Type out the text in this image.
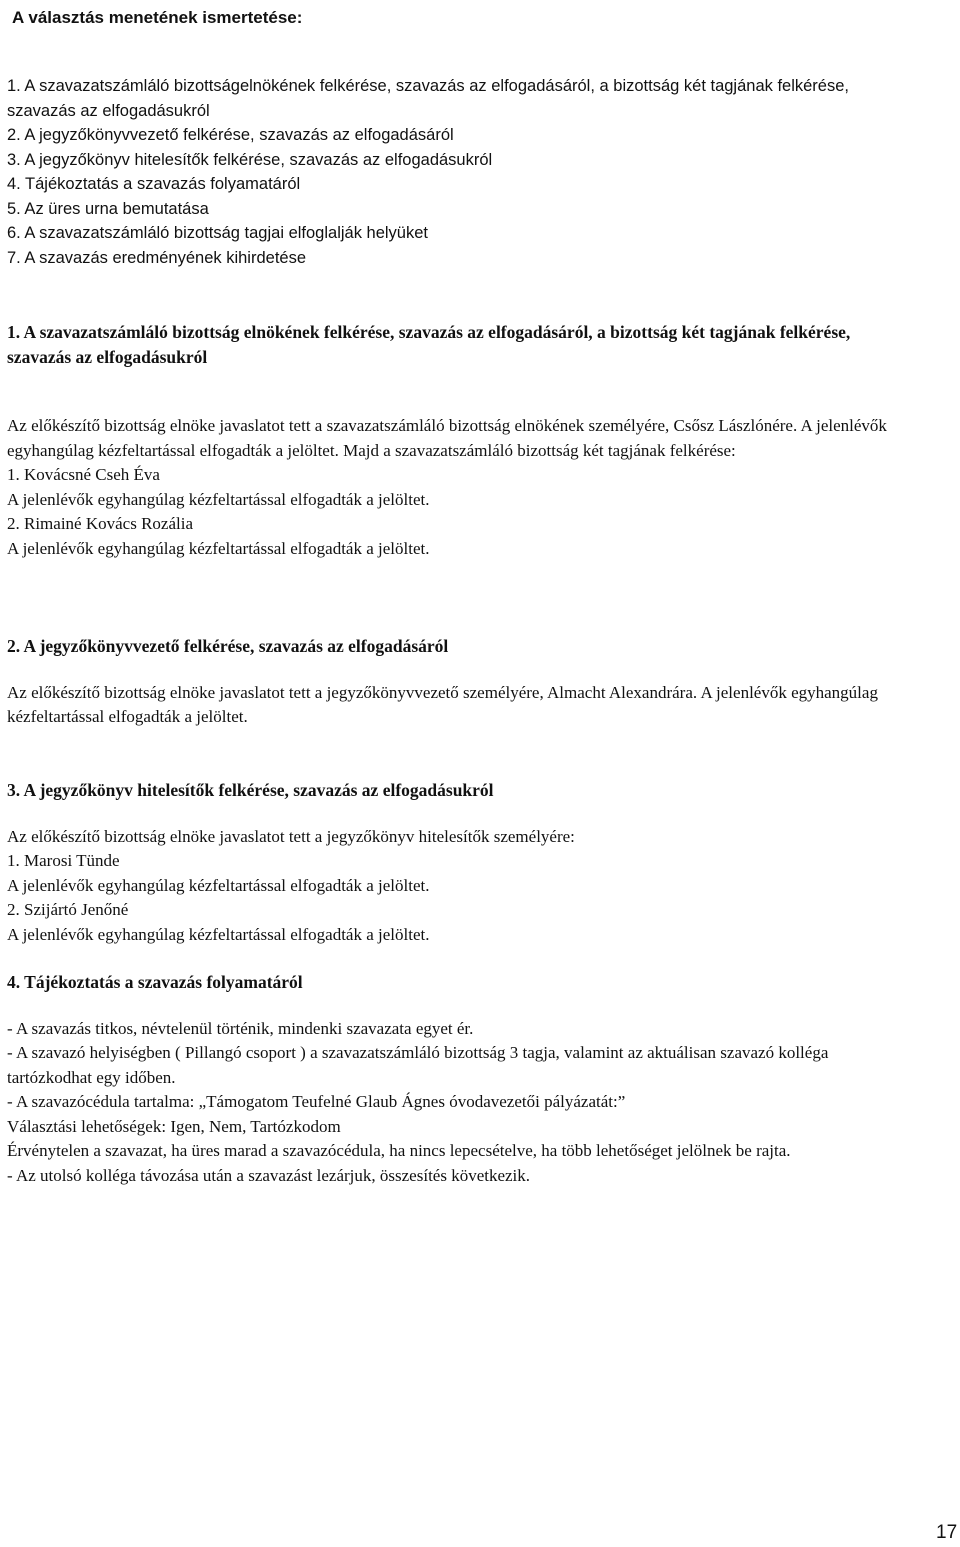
A választás menetének ismertetése:
1. A szavazatszámláló bizottságelnökének felkérése, szavazás az elfogadásáról, a bizottság két tagjának felkérése, szavazás az elfogadásukról
2. A jegyzőkönyvvezető felkérése, szavazás az elfogadásáról
3. A jegyzőkönyv hitelesítők felkérése, szavazás az elfogadásukról
4. Tájékoztatás a szavazás folyamatáról
5. Az üres urna bemutatása
6. A szavazatszámláló bizottság tagjai elfoglalják helyüket
7. A szavazás eredményének kihirdetése

1. A szavazatszámláló bizottság elnökének felkérése, szavazás az elfogadásáról, a bizottság két tagjának felkérése, szavazás az elfogadásukról

Az előkészítő bizottság elnöke javaslatot tett a szavazatszámláló bizottság elnökének személyére, Csősz Lászlónére. A jelenlévők egyhangúlag kézfeltartással elfogadták a jelöltet. Majd a szavazatszámláló bizottság két tagjának felkérése:

1. Kovácsné Cseh Éva

A jelenlévők egyhangúlag kézfeltartással elfogadták a jelöltet.

2. Rimainé Kovács Rozália

A jelenlévők egyhangúlag kézfeltartással elfogadták a jelöltet.

2. A jegyzőkönyvvezető felkérése, szavazás az elfogadásáról

Az előkészítő bizottság elnöke javaslatot tett a jegyzőkönyvvezető személyére, Almacht Alexandrára. A jelenlévők egyhangúlag kézfeltartással elfogadták a jelöltet.

3. A jegyzőkönyv hitelesítők felkérése, szavazás az elfogadásukról

Az előkészítő bizottság elnöke javaslatot tett a jegyzőkönyv hitelesítők személyére:

1. Marosi Tünde

A jelenlévők egyhangúlag kézfeltartással elfogadták a jelöltet.

2. Szijártó Jenőné

A jelenlévők egyhangúlag kézfeltartással elfogadták a jelöltet.

4. Tájékoztatás a szavazás folyamatáról

- A szavazás titkos, névtelenül történik, mindenki szavazata egyet ér.

- A szavazó helyiségben ( Pillangó csoport ) a szavazatszámláló bizottság 3 tagja, valamint az aktuálisan szavazó kolléga tartózkodhat egy időben.

- A szavazócédula tartalma: „Támogatom Teufelné Glaub Ágnes óvodavezetői pályázatát:”

Választási lehetőségek: Igen, Nem, Tartózkodom

Érvénytelen a szavazat, ha üres marad a szavazócédula, ha nincs lepecsételve, ha több lehetőséget jelölnek be rajta.

- Az utolsó kolléga távozása után a szavazást lezárjuk, összesítés következik.

17
